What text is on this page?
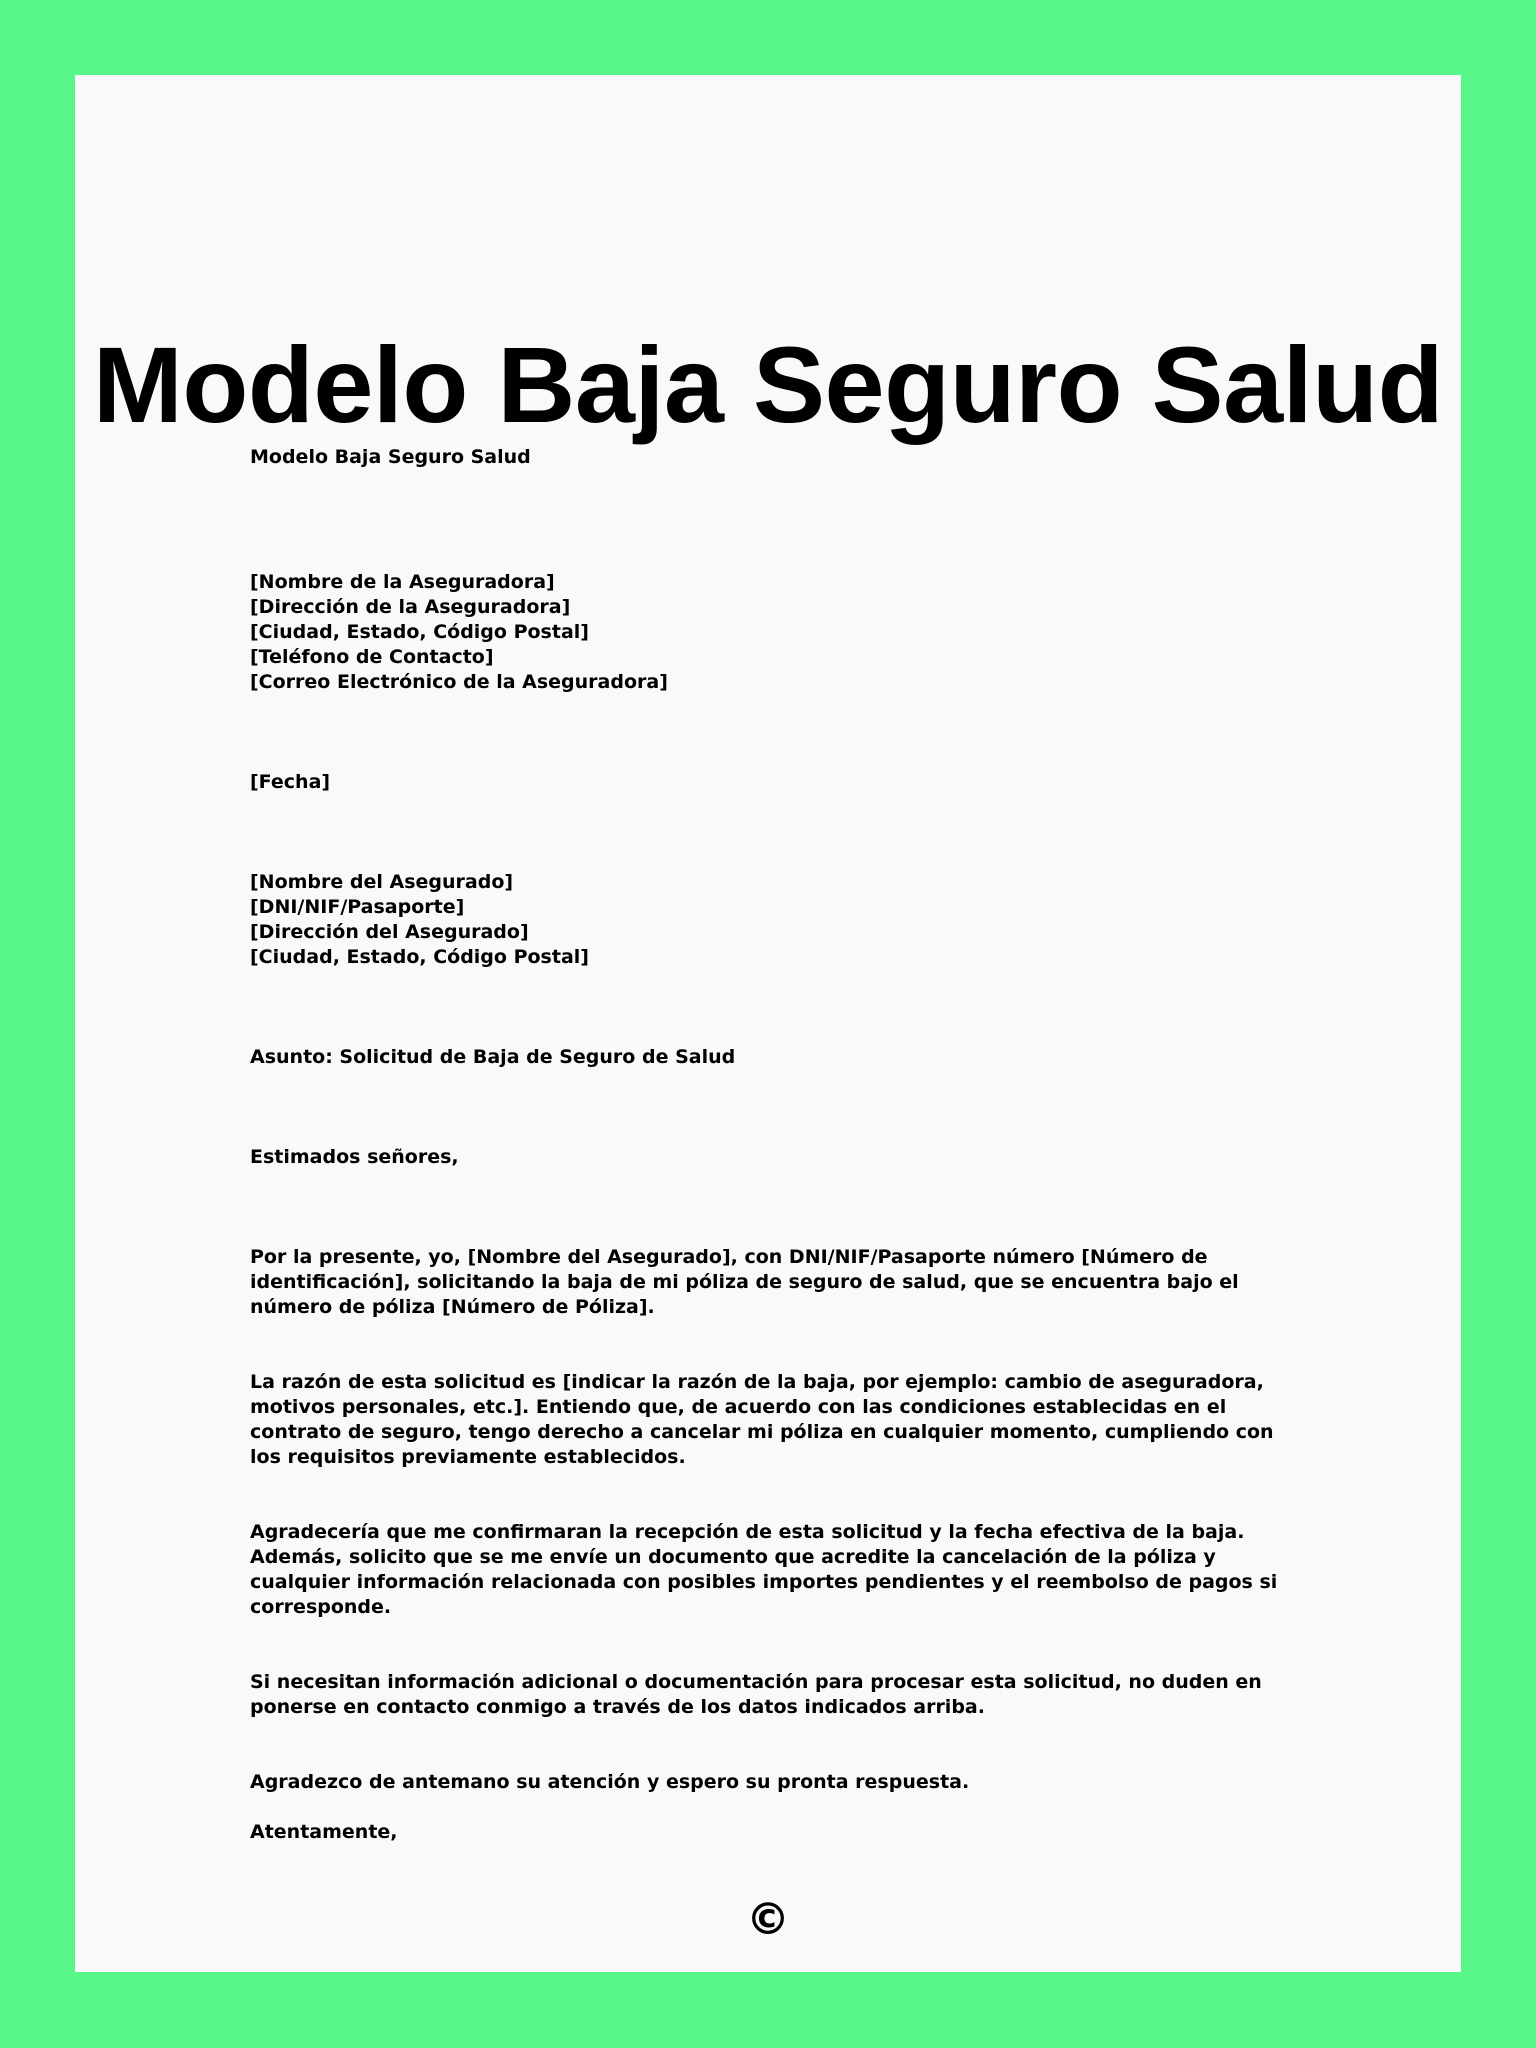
Modelo Baja Seguro Salud
Modelo Baja Seguro Salud
[Nombre de la Aseguradora]
[Dirección de la Aseguradora]
[Ciudad, Estado, Código Postal]
[Teléfono de Contacto]
[Correo Electrónico de la Aseguradora]
[Fecha]
[Nombre del Asegurado]
[DNI/NIF/Pasaporte]
[Dirección del Asegurado]
[Ciudad, Estado, Código Postal]
Asunto: Solicitud de Baja de Seguro de Salud
Estimados señores,
Por la presente, yo, [Nombre del Asegurado], con DNI/NIF/Pasaporte número [Número de identificación], solicitando la baja de mi póliza de seguro de salud, que se encuentra bajo el número de póliza [Número de Póliza].
La razón de esta solicitud es [indicar la razón de la baja, por ejemplo: cambio de aseguradora, motivos personales, etc.]. Entiendo que, de acuerdo con las condiciones establecidas en el contrato de seguro, tengo derecho a cancelar mi póliza en cualquier momento, cumpliendo con los requisitos previamente establecidos.
Agradecería que me confirmaran la recepción de esta solicitud y la fecha efectiva de la baja. Además, solicito que se me envíe un documento que acredite la cancelación de la póliza y cualquier información relacionada con posibles importes pendientes y el reembolso de pagos si corresponde.
Si necesitan información adicional o documentación para procesar esta solicitud, no duden en ponerse en contacto conmigo a través de los datos indicados arriba.
Agradezco de antemano su atención y espero su pronta respuesta.
Atentamente,
©
